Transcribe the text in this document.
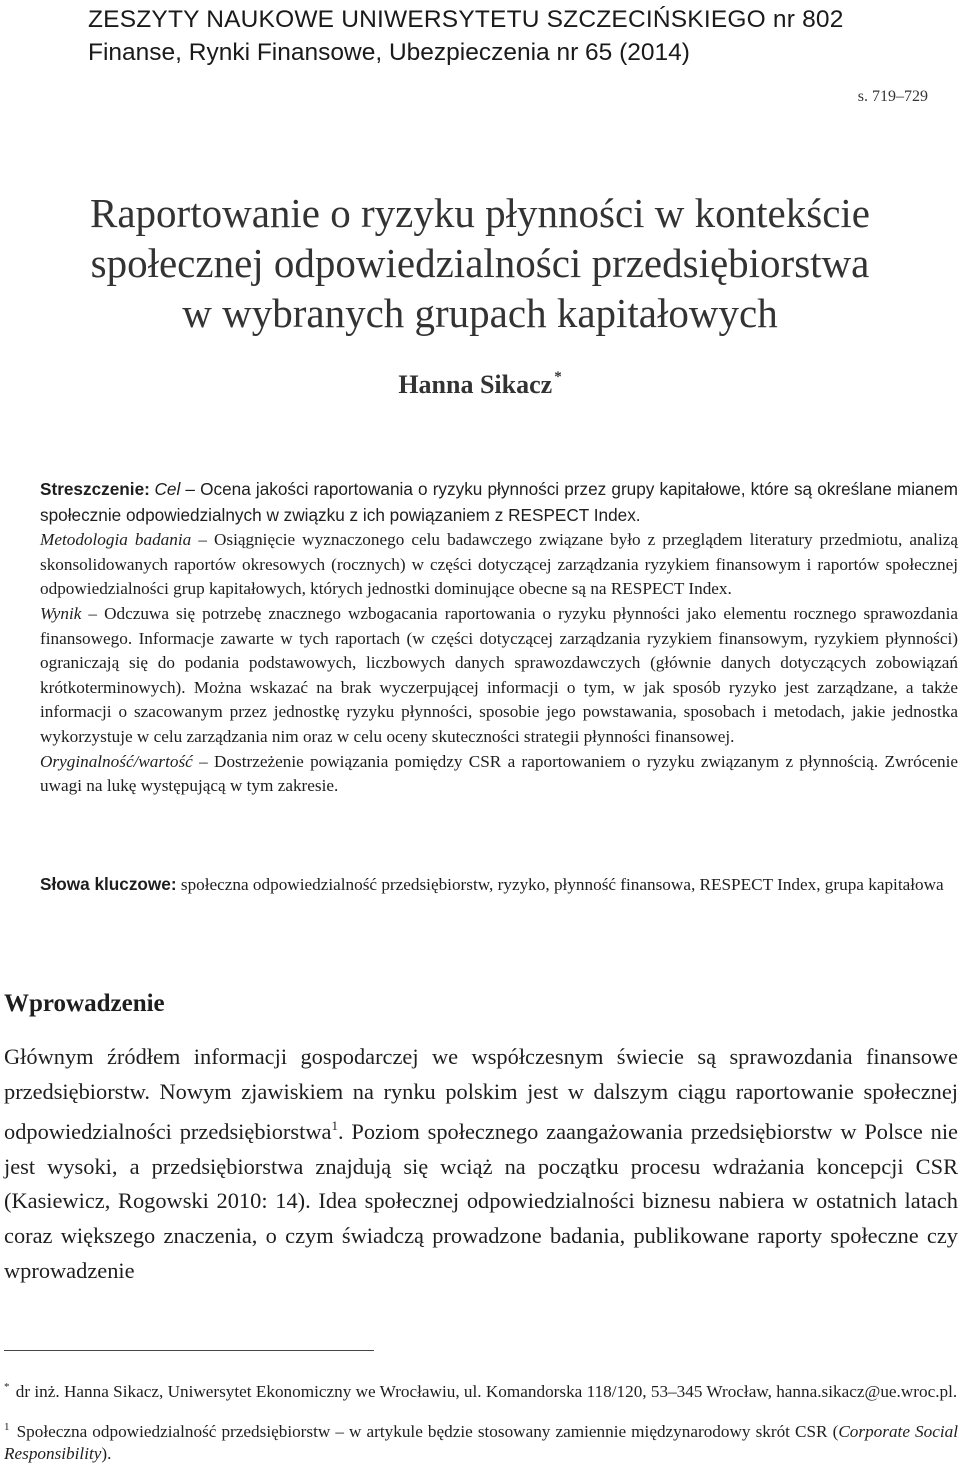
ZESZYTY NAUKOWE UNIWERSYTETU SZCZECIŃSKIEGO nr 802
Finanse, Rynki Finansowe, Ubezpieczenia nr 65 (2014)
s. 719–729
Raportowanie o ryzyku płynności w kontekście
społecznej odpowiedzialności przedsiębiorstwa
w wybranych grupach kapitałowych
Hanna Sikacz *

Streszczenie: Cel – Ocena jakości raportowania o ryzyku płynności przez grupy kapitałowe, które są określane mianem społecznie odpowiedzialnych w związku z ich powiązaniem z RESPECT Index.

Metodologia badania – Osiągnięcie wyznaczonego celu badawczego związane było z przeglądem literatury przedmiotu, analizą skonsolidowanych raportów okresowych (rocznych) w części dotyczącej zarządzania ryzykiem finansowym i raportów społecznej odpowiedzialności grup kapitałowych, których jednostki dominujące obecne są na RESPECT Index.

Wynik – Odczuwa się potrzebę znacznego wzbogacania raportowania o ryzyku płynności jako elementu rocznego sprawozdania finansowego. Informacje zawarte w tych raportach (w części dotyczącej zarządzania ryzykiem finansowym, ryzykiem płynności) ograniczają się do podania podstawowych, liczbowych danych sprawozdawczych (głównie danych dotyczących zobowiązań krótkoterminowych). Można wskazać na brak wyczerpującej informacji o tym, w jak sposób ryzyko jest zarządzane, a także informacji o szacowanym przez jednostkę ryzyku płynności, sposobie jego powstawania, sposobach i metodach, jakie jednostka wykorzystuje w celu zarządzania nim oraz w celu oceny skuteczności strategii płynności finansowej.

Oryginalność/wartość – Dostrzeżenie powiązania pomiędzy CSR a raportowaniem o ryzyku związanym z płynnością. Zwrócenie uwagi na lukę występującą w tym zakresie.

Słowa kluczowe: społeczna odpowiedzialność przedsiębiorstw, ryzyko, płynność finansowa, RESPECT Index, grupa kapitałowa
Wprowadzenie

Głównym źródłem informacji gospodarczej we współczesnym świecie są sprawozdania finansowe przedsiębiorstw. Nowym zjawiskiem na rynku polskim jest w dalszym ciągu raportowanie społecznej odpowiedzialności przedsiębiorstwa$^1$. Poziom społecznego zaangażowania przedsiębiorstw w Polsce nie jest wysoki, a przedsiębiorstwa znajdują się wciąż na początku procesu wdrażania koncepcji CSR (Kasiewicz, Rogowski 2010: 14). Idea społecznej odpowiedzialności biznesu nabiera w ostatnich latach coraz większego znaczenia, o czym świadczą prowadzone badania, publikowane raporty społeczne czy wprowadzenie

* dr inż. Hanna Sikacz, Uniwersytet Ekonomiczny we Wrocławiu, ul. Komandorska 118/120, 53–345 Wrocław, hanna.sikacz@ue.wroc.pl.

$^1$ Społeczna odpowiedzialność przedsiębiorstw – w artykule będzie stosowany zamiennie międzynarodowy skrót CSR (Corporate Social Responsibility).
